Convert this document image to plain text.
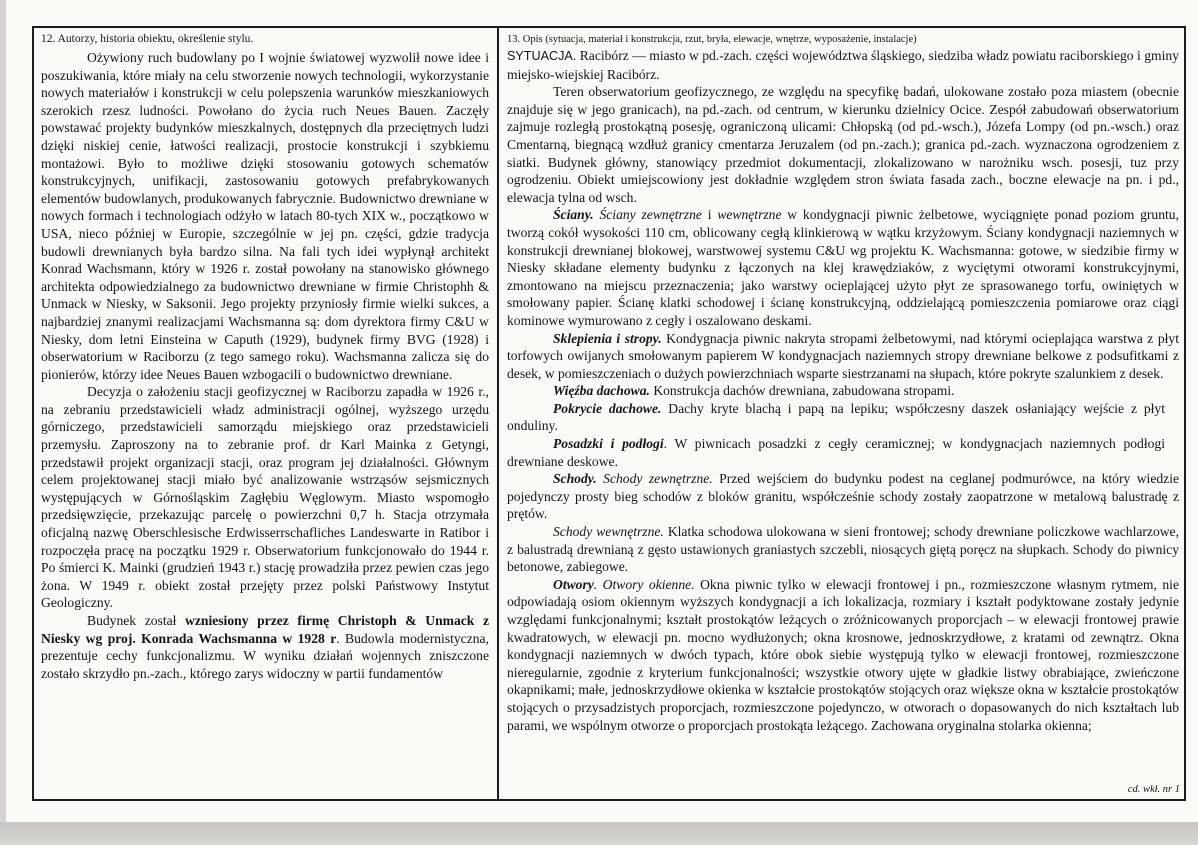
12. Autorzy, historia obiektu, określenie stylu.

Ożywiony ruch budowlany po I wojnie światowej wyzwolił nowe idee i poszukiwania, które miały na celu stworzenie nowych technologii, wykorzystanie nowych materiałów i konstrukcji w celu polepszenia warunków mieszkaniowych szerokich rzesz ludności. Powołano do życia ruch Neues Bauen. Zaczęły powstawać projekty budynków mieszkalnych, dostępnych dla przeciętnych ludzi dzięki niskiej cenie, łatwości realizacji, prostocie konstrukcji i szybkiemu montażowi. Było to możliwe dzięki stosowaniu gotowych schematów konstrukcyjnych, unifikacji, zastosowaniu gotowych prefabrykowanych elementów budowlanych, produkowanych fabrycznie. Budownictwo drewniane w nowych formach i technologiach odżyło w latach 80-tych XIX w., początkowo w USA, nieco później w Europie, szczególnie w jej pn. części, gdzie tradycja budowli drewnianych była bardzo silna. Na fali tych idei wypłynął architekt Konrad Wachsmann, który w 1926 r. został powołany na stanowisko głównego architekta odpowiedzialnego za budownictwo drewniane w firmie Christophh & Unmack w Niesky, w Saksonii. Jego projekty przyniosły firmie wielki sukces, a najbardziej znanymi realizacjami Wachsmanna są: dom dyrektora firmy C&U w Niesky, dom letni Einsteina w Caputh (1929), budynek firmy BVG (1928) i obserwatorium w Raciborzu (z tego samego roku). Wachsmanna zalicza się do pionierów, którzy idee Neues Bauen wzbogacili o budownictwo drewniane.

Decyzja o założeniu stacji geofizycznej w Raciborzu zapadła w 1926 r., na zebraniu przedstawicieli władz administracji ogólnej, wyższego urzędu górniczego, przedstawicieli samorządu miejskiego oraz przedstawicieli przemysłu. Zaproszony na to zebranie prof. dr Karl Mainka z Getyngi, przedstawił projekt organizacji stacji, oraz program jej działalności. Głównym celem projektowanej stacji miało być analizowanie wstrząsów sejsmicznych występujących w Górnośląskim Zagłębiu Węglowym. Miasto wspomogło przedsięwzięcie, przekazując parcelę o powierzchni 0,7 h. Stacja otrzymała oficjalną nazwę Oberschlesische Erdwisserrschafliches Landeswarte in Ratibor i rozpoczęła pracę na początku 1929 r. Obserwatorium funkcjonowało do 1944 r. Po śmierci K. Mainki (grudzień 1943 r.) stację prowadziła przez pewien czas jego żona. W 1949 r. obiekt został przejęty przez polski Państwowy Instytut Geologiczny.

Budynek został wzniesiony przez firmę Christoph & Unmack z Niesky wg proj. Konrada Wachsmanna w 1928 r. Budowla modernistyczna, prezentuje cechy funkcjonalizmu. W wyniku działań wojennych zniszczone zostało skrzydło pn.-zach., którego zarys widoczny w partii fundamentów

13. Opis (sytuacja, materiał i konstrukcja, rzut, bryła, elewacje, wnętrze, wyposażenie, instalacje)

SYTUACJA. Racibórz — miasto w pd.-zach. części województwa śląskiego, siedziba władz powiatu raciborskiego i gminy miejsko-wiejskiej Racibórz.

Teren obserwatorium geofizycznego, ze względu na specyfikę badań, ulokowane zostało poza miastem (obecnie znajduje się w jego granicach), na pd.-zach. od centrum, w kierunku dzielnicy Ocice. Zespół zabudowań obserwatorium zajmuje rozległą prostokątną posesję, ograniczoną ulicami: Chłopską (od pd.-wsch.), Józefa Lompy (od pn.-wsch.) oraz Cmentarną, biegnącą wzdłuż granicy cmentarza Jeruzalem (od pn.-zach.); granica pd.-zach. wyznaczona ogrodzeniem z siatki. Budynek główny, stanowiący przedmiot dokumentacji, zlokalizowano w narożniku wsch. posesji, tuz przy ogrodzeniu. Obiekt umiejscowiony jest dokładnie względem stron świata fasada zach., boczne elewacje na pn. i pd., elewacja tylna od wsch.

Ściany. Ściany zewnętrzne i wewnętrzne w kondygnacji piwnic żelbetowe, wyciągnięte ponad poziom gruntu, tworzą cokół wysokości 110 cm, oblicowany cegłą klinkierową w wątku krzyżowym. Ściany kondygnacji naziemnych w konstrukcji drewnianej blokowej, warstwowej systemu C&U wg projektu K. Wachsmanna: gotowe, w siedzibie firmy w Niesky składane elementy budynku z łączonych na klej krawędziaków, z wyciętymi otworami konstrukcyjnymi, zmontowano na miejscu przeznaczenia; jako warstwy ocieplającej użyto płyt ze sprasowanego torfu, owiniętych w smołowany papier. Ścianę klatki schodowej i ścianę konstrukcyjną, oddzielającą pomieszczenia pomiarowe oraz ciągi kominowe wymurowano z cegły i oszalowano deskami.

Sklepienia i stropy. Kondygnacja piwnic nakryta stropami żelbetowymi, nad którymi ocieplająca warstwa z płyt torfowych owijanych smołowanym papierem W kondygnacjach naziemnych stropy drewniane belkowe z podsufitkami z desek, w pomieszczeniach o dużych powierzchniach wsparte siestrzanami na słupach, które pokryte szalunkiem z desek.

Więźba dachowa. Konstrukcja dachów drewniana, zabudowana stropami.

Pokrycie dachowe. Dachy kryte blachą i papą na lepiku; współczesny daszek osłaniający wejście z płyt onduliny.

Posadzki i podłogi. W piwnicach posadzki z cegły ceramicznej; w kondygnacjach naziemnych podłogi drewniane deskowe.

Schody. Schody zewnętrzne. Przed wejściem do budynku podest na ceglanej podmurówce, na który wiedzie pojedynczy prosty bieg schodów z bloków granitu, współcześnie schody zostały zaopatrzone w metalową balustradę z prętów.

Schody wewnętrzne. Klatka schodowa ulokowana w sieni frontowej; schody drewniane policzkowe wachlarzowe, z balustradą drewnianą z gęsto ustawionych graniastych szczebli, niosących giętą poręcz na słupkach. Schody do piwnicy betonowe, zabiegowe.

Otwory. Otwory okienne. Okna piwnic tylko w elewacji frontowej i pn., rozmieszczone własnym rytmem, nie odpowiadają osiom okiennym wyższych kondygnacji a ich lokalizacja, rozmiary i kształt podyktowane zostały jedynie względami funkcjonalnymi; kształt prostokątów leżących o zróżnicowanych proporcjach – w elewacji frontowej prawie kwadratowych, w elewacji pn. mocno wydłużonych; okna krosnowe, jednoskrzydłowe, z kratami od zewnątrz. Okna kondygnacji naziemnych w dwóch typach, które obok siebie występują tylko w elewacji frontowej, rozmieszczone nieregularnie, zgodnie z kryterium funkcjonalności; wszystkie otwory ujęte w gładkie listwy obrabiające, zwieńczone okapnikami; małe, jednoskrzydłowe okienka w kształcie prostokątów stojących oraz większe okna w kształcie prostokątów stojących o przysadzistych proporcjach, rozmieszczone pojedynczo, w otworach o dopasowanych do nich kształtach lub parami, we wspólnym otworze o proporcjach prostokąta leżącego. Zachowana oryginalna stolarka okienna;

cd. wkł. nr 1
